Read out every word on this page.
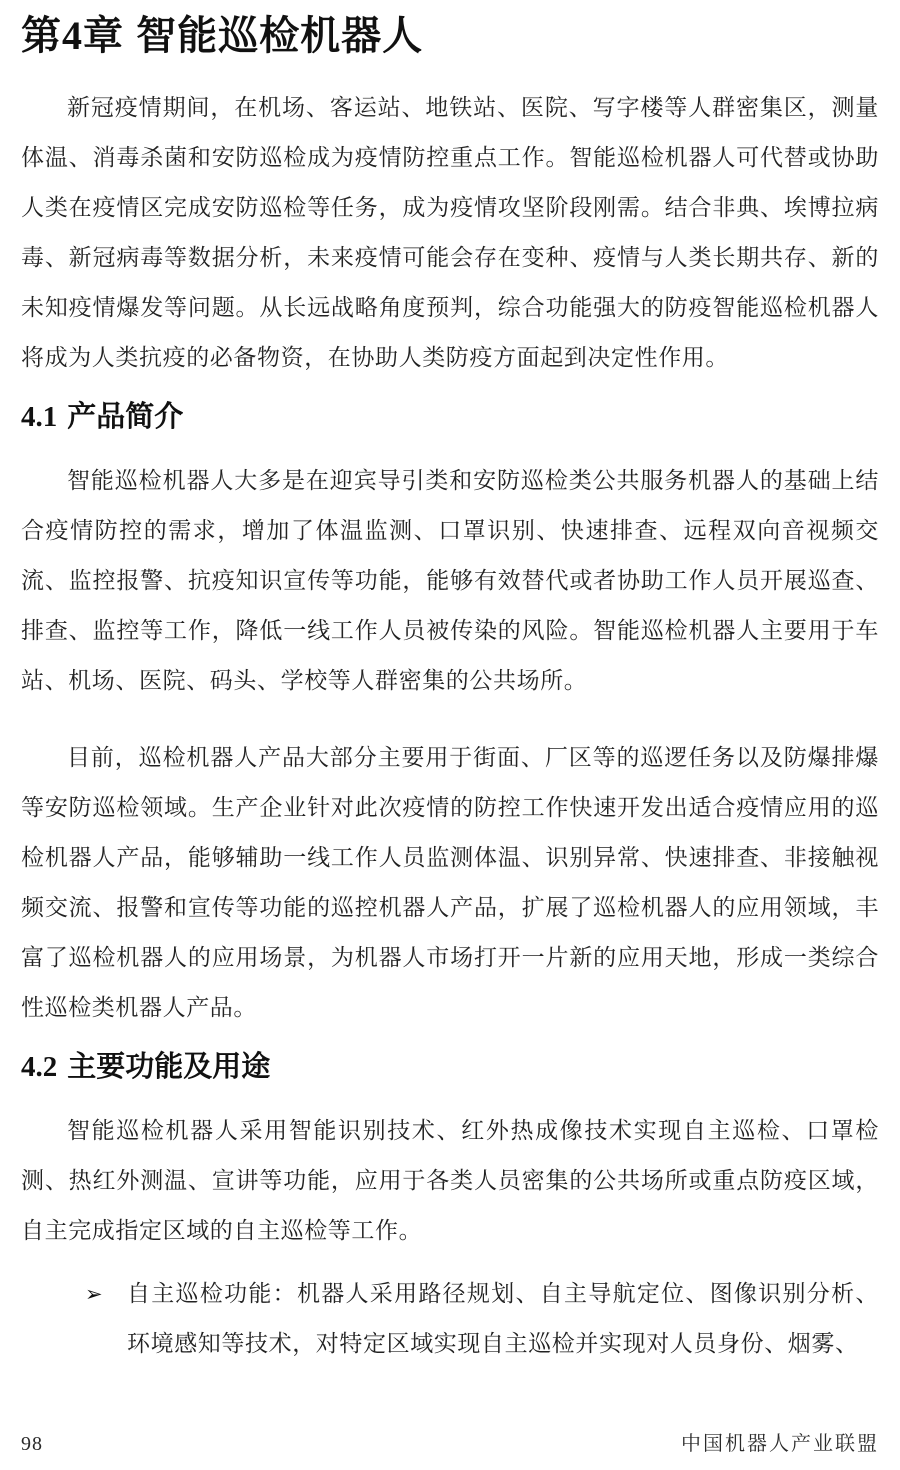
第4章 智能巡检机器人

新冠疫情期间，在机场、客运站、地铁站、医院、写字楼等人群密集区，测量体温、消毒杀菌和安防巡检成为疫情防控重点工作。智能巡检机器人可代替或协助人类在疫情区完成安防巡检等任务，成为疫情攻坚阶段刚需。结合非典、埃博拉病毒、新冠病毒等数据分析，未来疫情可能会存在变种、疫情与人类长期共存、新的未知疫情爆发等问题。从长远战略角度预判，综合功能强大的防疫智能巡检机器人将成为人类抗疫的必备物资，在协助人类防疫方面起到决定性作用。

4.1 产品简介

智能巡检机器人大多是在迎宾导引类和安防巡检类公共服务机器人的基础上结合疫情防控的需求，增加了体温监测、口罩识别、快速排查、远程双向音视频交流、监控报警、抗疫知识宣传等功能，能够有效替代或者协助工作人员开展巡查、排查、监控等工作，降低一线工作人员被传染的风险。智能巡检机器人主要用于车站、机场、医院、码头、学校等人群密集的公共场所。

目前，巡检机器人产品大部分主要用于街面、厂区等的巡逻任务以及防爆排爆等安防巡检领域。生产企业针对此次疫情的防控工作快速开发出适合疫情应用的巡检机器人产品，能够辅助一线工作人员监测体温、识别异常、快速排查、非接触视频交流、报警和宣传等功能的巡控机器人产品，扩展了巡检机器人的应用领域，丰富了巡检机器人的应用场景，为机器人市场打开一片新的应用天地，形成一类综合性巡检类机器人产品。

4.2 主要功能及用途

智能巡检机器人采用智能识别技术、红外热成像技术实现自主巡检、口罩检测、热红外测温、宣讲等功能，应用于各类人员密集的公共场所或重点防疫区域，自主完成指定区域的自主巡检等工作。

➢	自主巡检功能：机器人采用路径规划、自主导航定位、图像识别分析、环境感知等技术，对特定区域实现自主巡检并实现对人员身份、烟雾、
98	中国机器人产业联盟
